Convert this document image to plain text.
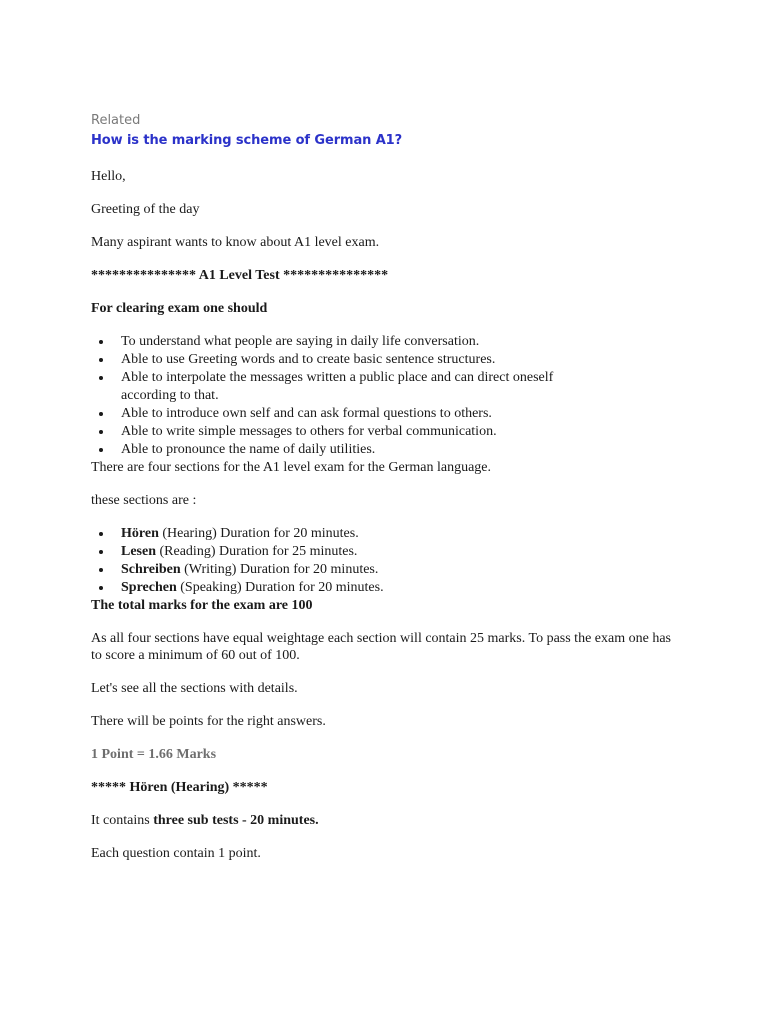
Related
How is the marking scheme of German A1?

Hello,

Greeting of the day

Many aspirant wants to know about A1 level exam.

*************** A1 Level Test ***************

For clearing exam one should

To understand what people are saying in daily life conversation.
Able to use Greeting words and to create basic sentence structures.
Able to interpolate the messages written a public place and can direct oneself according to that.
Able to introduce own self and can ask formal questions to others.
Able to write simple messages to others for verbal communication.
Able to pronounce the name of daily utilities.

There are four sections for the A1 level exam for the German language.

these sections are :

Hören (Hearing) Duration for 20 minutes.
Lesen (Reading) Duration for 25 minutes.
Schreiben (Writing) Duration for 20 minutes.
Sprechen (Speaking) Duration for 20 minutes.

The total marks for the exam are 100

As all four sections have equal weightage each section will contain 25 marks. To pass the exam one has to score a minimum of 60 out of 100.

Let's see all the sections with details.

There will be points for the right answers.

1 Point = 1.66 Marks

***** Hören (Hearing) *****

It contains three sub tests - 20 minutes.

Each question contain 1 point.
